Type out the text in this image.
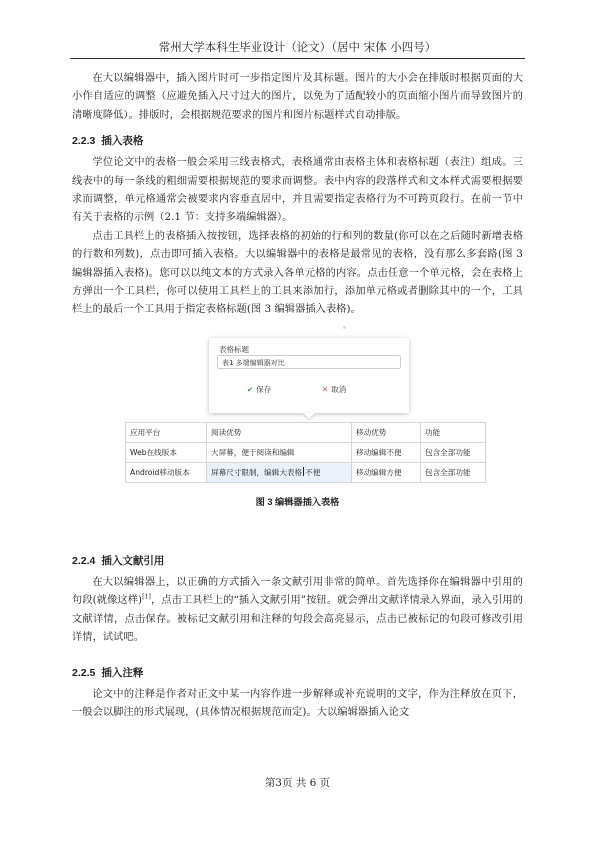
常州大学本科生毕业设计（论文）（居中 宋体 小四号）

在大以编辑器中，插入图片时可一步指定图片及其标题。图片的大小会在排版时根据页面的大小作自适应的调整（应避免插入尺寸过大的图片，以免为了适配较小的页面缩小图片而导致图片的清晰度降低）。排版时，会根据规范要求的图片和图片标题样式自动排版。

2.2.3 插入表格

学位论文中的表格一般会采用三线表格式，表格通常由表格主体和表格标题（表注）组成。三线表中的每一条线的粗细需要根据规范的要求而调整。表中内容的段落样式和文本样式需要根据要求而调整，单元格通常会被要求内容垂直居中，并且需要指定表格行为不可跨页段行。在前一节中有关于表格的示例（2.1 节：支持多端编辑器）。

点击工具栏上的表格插入按按钮，选择表格的初始的行和列的数量(你可以在之后随时新增表格的行数和列数)，点击即可插入表格。大以编辑器中的表格是最常见的表格，没有那么多套路(图 3 编辑器插入表格)。您可以以纯文本的方式录入各单元格的内容。点击任意一个单元格，会在表格上方弹出一个工具栏，你可以使用工具栏上的工具来添加行，添加单元格或者删除其中的一个，工具栏上的最后一个工具用于指定表格标题(图 3 编辑器插入表格)。

表格标题
表1 多端编辑器对比
✔ 保存	✕ 取消
应用平台	阅读优势	移动优势	功能
Web在线版本	大屏幕，便于阅读和编辑	移动编辑不便	包含全部功能
Android移动版本	屏幕尺寸限制，编辑大表格 不便	移动编辑方便	包含全部功能
图 3 编辑器插入表格
2.2.4 插入文献引用

在大以编辑器上，以正确的方式插入一条文献引用非常的简单。首先选择你在编辑器中引用的句段(就像这样)[1]，点击工具栏上的“插入文献引用”按钮。就会弹出文献详情录入界面，录入引用的文献详情，点击保存。被标记文献引用和注释的句段会高亮显示，点击已被标记的句段可修改引用详情，试试吧。

2.2.5 插入注释

论文中的注释是作者对正文中某一内容作进一步解释或补充说明的文字，作为注释放在页下，一般会以脚注的形式展现，(具体情况根据规范而定)。大以编辑器插入论文

第3页 共 6 页
